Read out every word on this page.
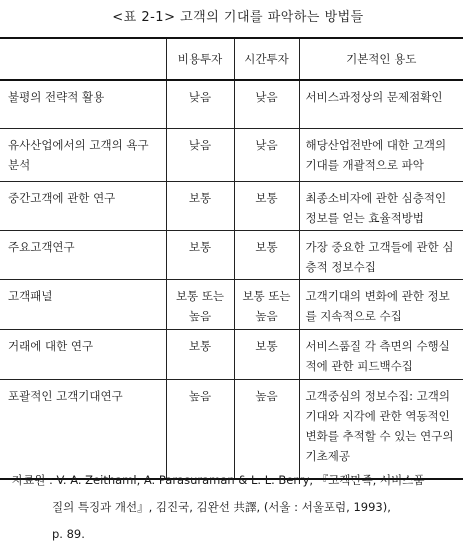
<표 2-1> 고객의 기대를 파악하는 방법들
	비용투자	시간투자	기본적인 용도
불평의 전략적 활용	낮음	낮음	서비스과정상의 문제점확인
유사산업에서의 고객의 욕구 분석	낮음	낮음	해당산업전반에 대한 고객의 기대를 개괄적으로 파악
중간고객에 관한 연구	보통	보통	최종소비자에 관한 심층적인 정보를 얻는 효율적방법
주요고객연구	보통	보통	가장 중요한 고객들에 관한 심층적 정보수집
고객패널	보통 또는 높음	보통 또는 높음	고객기대의 변화에 관한 정보를 지속적으로 수집
거래에 대한 연구	보통	보통	서비스품질 각 측면의 수행실적에 관한 피드백수집
포괄적인 고객기대연구	높음	높음	고객중심의 정보수집: 고객의 기대와 지각에 관한 역동적인 변화를 추적할 수 있는 연구의 기초제공
자료원 : V. A. Zeithaml, A. Parasuraman & L. L. Berry, 『고객만족, 서비스품
질의 특징과 개선』, 김진국, 김완선 共譯, (서울 : 서울포럼, 1993),
p. 89.
